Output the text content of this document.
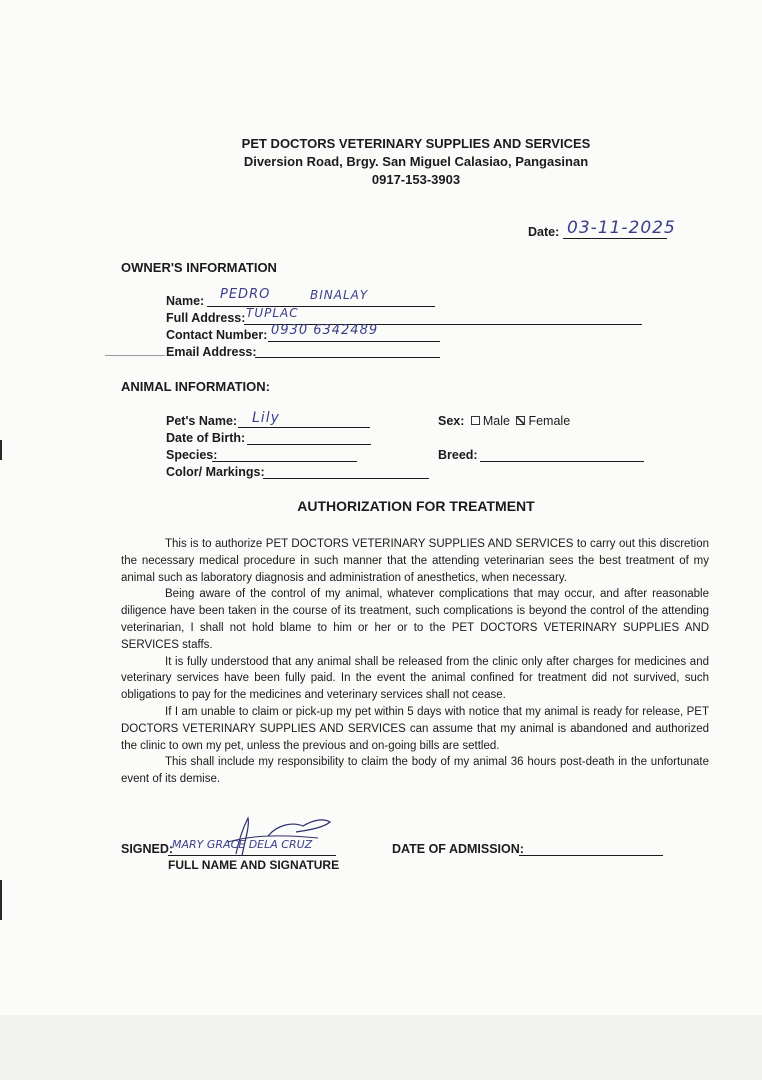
PET DOCTORS VETERINARY SUPPLIES AND SERVICES
Diversion Road, Brgy. San Miguel Calasiao, Pangasinan
0917-153-3903
Date: 03-11-2025
OWNER'S INFORMATION
Name: PEDRO	BINALAY
Full Address: TUPLAC
Contact Number: 0930 6342489
Email Address:
ANIMAL INFORMATION:
Pet's Name: Lily
Date of Birth:
Species:
Color/ Markings:
Sex: Male Female
Breed:
AUTHORIZATION FOR TREATMENT

This is to authorize PET DOCTORS VETERINARY SUPPLIES AND SERVICES to carry out this discretion the necessary medical procedure in such manner that the attending veterinarian sees the best treatment of my animal such as laboratory diagnosis and administration of anesthetics, when necessary.

Being aware of the control of my animal, whatever complications that may occur, and after reasonable diligence have been taken in the course of its treatment, such complications is beyond the control of the attending veterinarian, I shall not hold blame to him or her or to the PET DOCTORS VETERINARY SUPPLIES AND SERVICES staffs.

It is fully understood that any animal shall be released from the clinic only after charges for medicines and veterinary services have been fully paid. In the event the animal confined for treatment did not survived, such obligations to pay for the medicines and veterinary services shall not cease.

If I am unable to claim or pick-up my pet within 5 days with notice that my animal is ready for release, PET DOCTORS VETERINARY SUPPLIES AND SERVICES can assume that my animal is abandoned and authorized the clinic to own my pet, unless the previous and on-going bills are settled.

This shall include my responsibility to claim the body of my animal 36 hours post-death in the unfortunate event of its demise.

SIGNED:
MARY GRACE DELA CRUZ
FULL NAME AND SIGNATURE
DATE OF ADMISSION:
